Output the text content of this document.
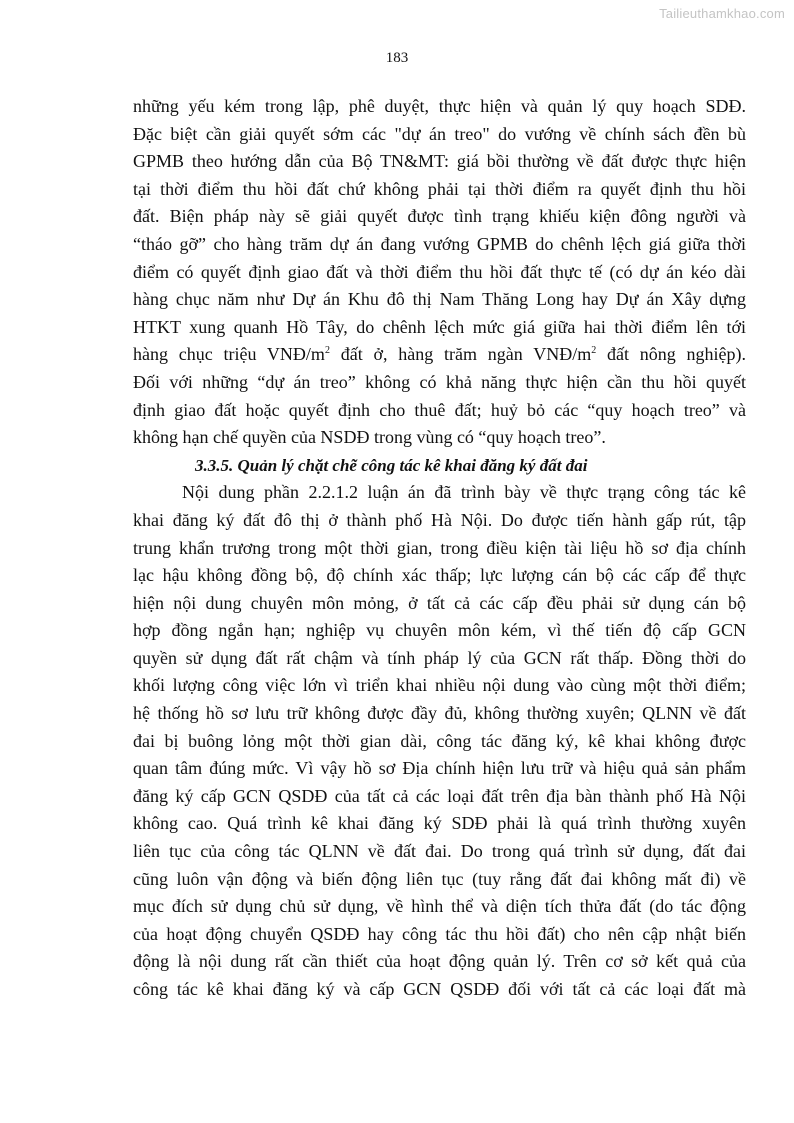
Tailieuthamkhao.com
183
những yếu kém trong lập, phê duyệt, thực hiện và quản lý quy hoạch SDĐ.
Đặc biệt cần giải quyết sớm các "dự án treo" do vướng về chính sách đền bù
GPMB theo hướng dẫn của Bộ TN&MT: giá bồi thường về đất được thực hiện
tại thời điểm thu hồi đất chứ không phải tại thời điểm ra quyết định thu hồi
đất. Biện pháp này sẽ giải quyết được tình trạng khiếu kiện đông người và
“tháo gỡ” cho hàng trăm dự án đang vướng GPMB do chênh lệch giá giữa thời
điểm có quyết định giao đất và thời điểm thu hồi đất thực tế (có dự án kéo dài
hàng chục năm như Dự án Khu đô thị Nam Thăng Long hay Dự án Xây dựng
HTKT xung quanh Hồ Tây, do chênh lệch mức giá giữa hai thời điểm lên tới
hàng chục triệu VNĐ/$m^2$ đất ở, hàng trăm ngàn VNĐ/$m^2$ đất nông nghiệp).
Đối với những “dự án treo” không có khả năng thực hiện cần thu hồi quyết
định giao đất hoặc quyết định cho thuê đất; huỷ bỏ các “quy hoạch treo” và
không hạn chế quyền của NSDĐ trong vùng có “quy hoạch treo”.
3.3.5. Quản lý chặt chẽ công tác kê khai đăng ký đất đai
Nội dung phần 2.2.1.2 luận án đã trình bày về thực trạng công tác kê
khai đăng ký đất đô thị ở thành phố Hà Nội. Do được tiến hành gấp rút, tập
trung khẩn trương trong một thời gian, trong điều kiện tài liệu hồ sơ địa chính
lạc hậu không đồng bộ, độ chính xác thấp; lực lượng cán bộ các cấp để thực
hiện nội dung chuyên môn mỏng, ở tất cả các cấp đều phải sử dụng cán bộ
hợp đồng ngắn hạn; nghiệp vụ chuyên môn kém, vì thế tiến độ cấp GCN
quyền sử dụng đất rất chậm và tính pháp lý của GCN rất thấp. Đồng thời do
khối lượng công việc lớn vì triển khai nhiều nội dung vào cùng một thời điểm;
hệ thống hồ sơ lưu trữ không được đầy đủ, không thường xuyên; QLNN về đất
đai bị buông lỏng một thời gian dài, công tác đăng ký, kê khai không được
quan tâm đúng mức. Vì vậy hồ sơ Địa chính hiện lưu trữ và hiệu quả sản phẩm
đăng ký cấp GCN QSDĐ của tất cả các loại đất trên địa bàn thành phố Hà Nội
không cao. Quá trình kê khai đăng ký SDĐ phải là quá trình thường xuyên
liên tục của công tác QLNN về đất đai. Do trong quá trình sử dụng, đất đai
cũng luôn vận động và biến động liên tục (tuy rằng đất đai không mất đi) về
mục đích sử dụng chủ sử dụng, về hình thể và diện tích thửa đất (do tác động
của hoạt động chuyển QSDĐ hay công tác thu hồi đất) cho nên cập nhật biến
động là nội dung rất cần thiết của hoạt động quản lý. Trên cơ sở kết quả của
công tác kê khai đăng ký và cấp GCN QSDĐ đối với tất cả các loại đất mà
